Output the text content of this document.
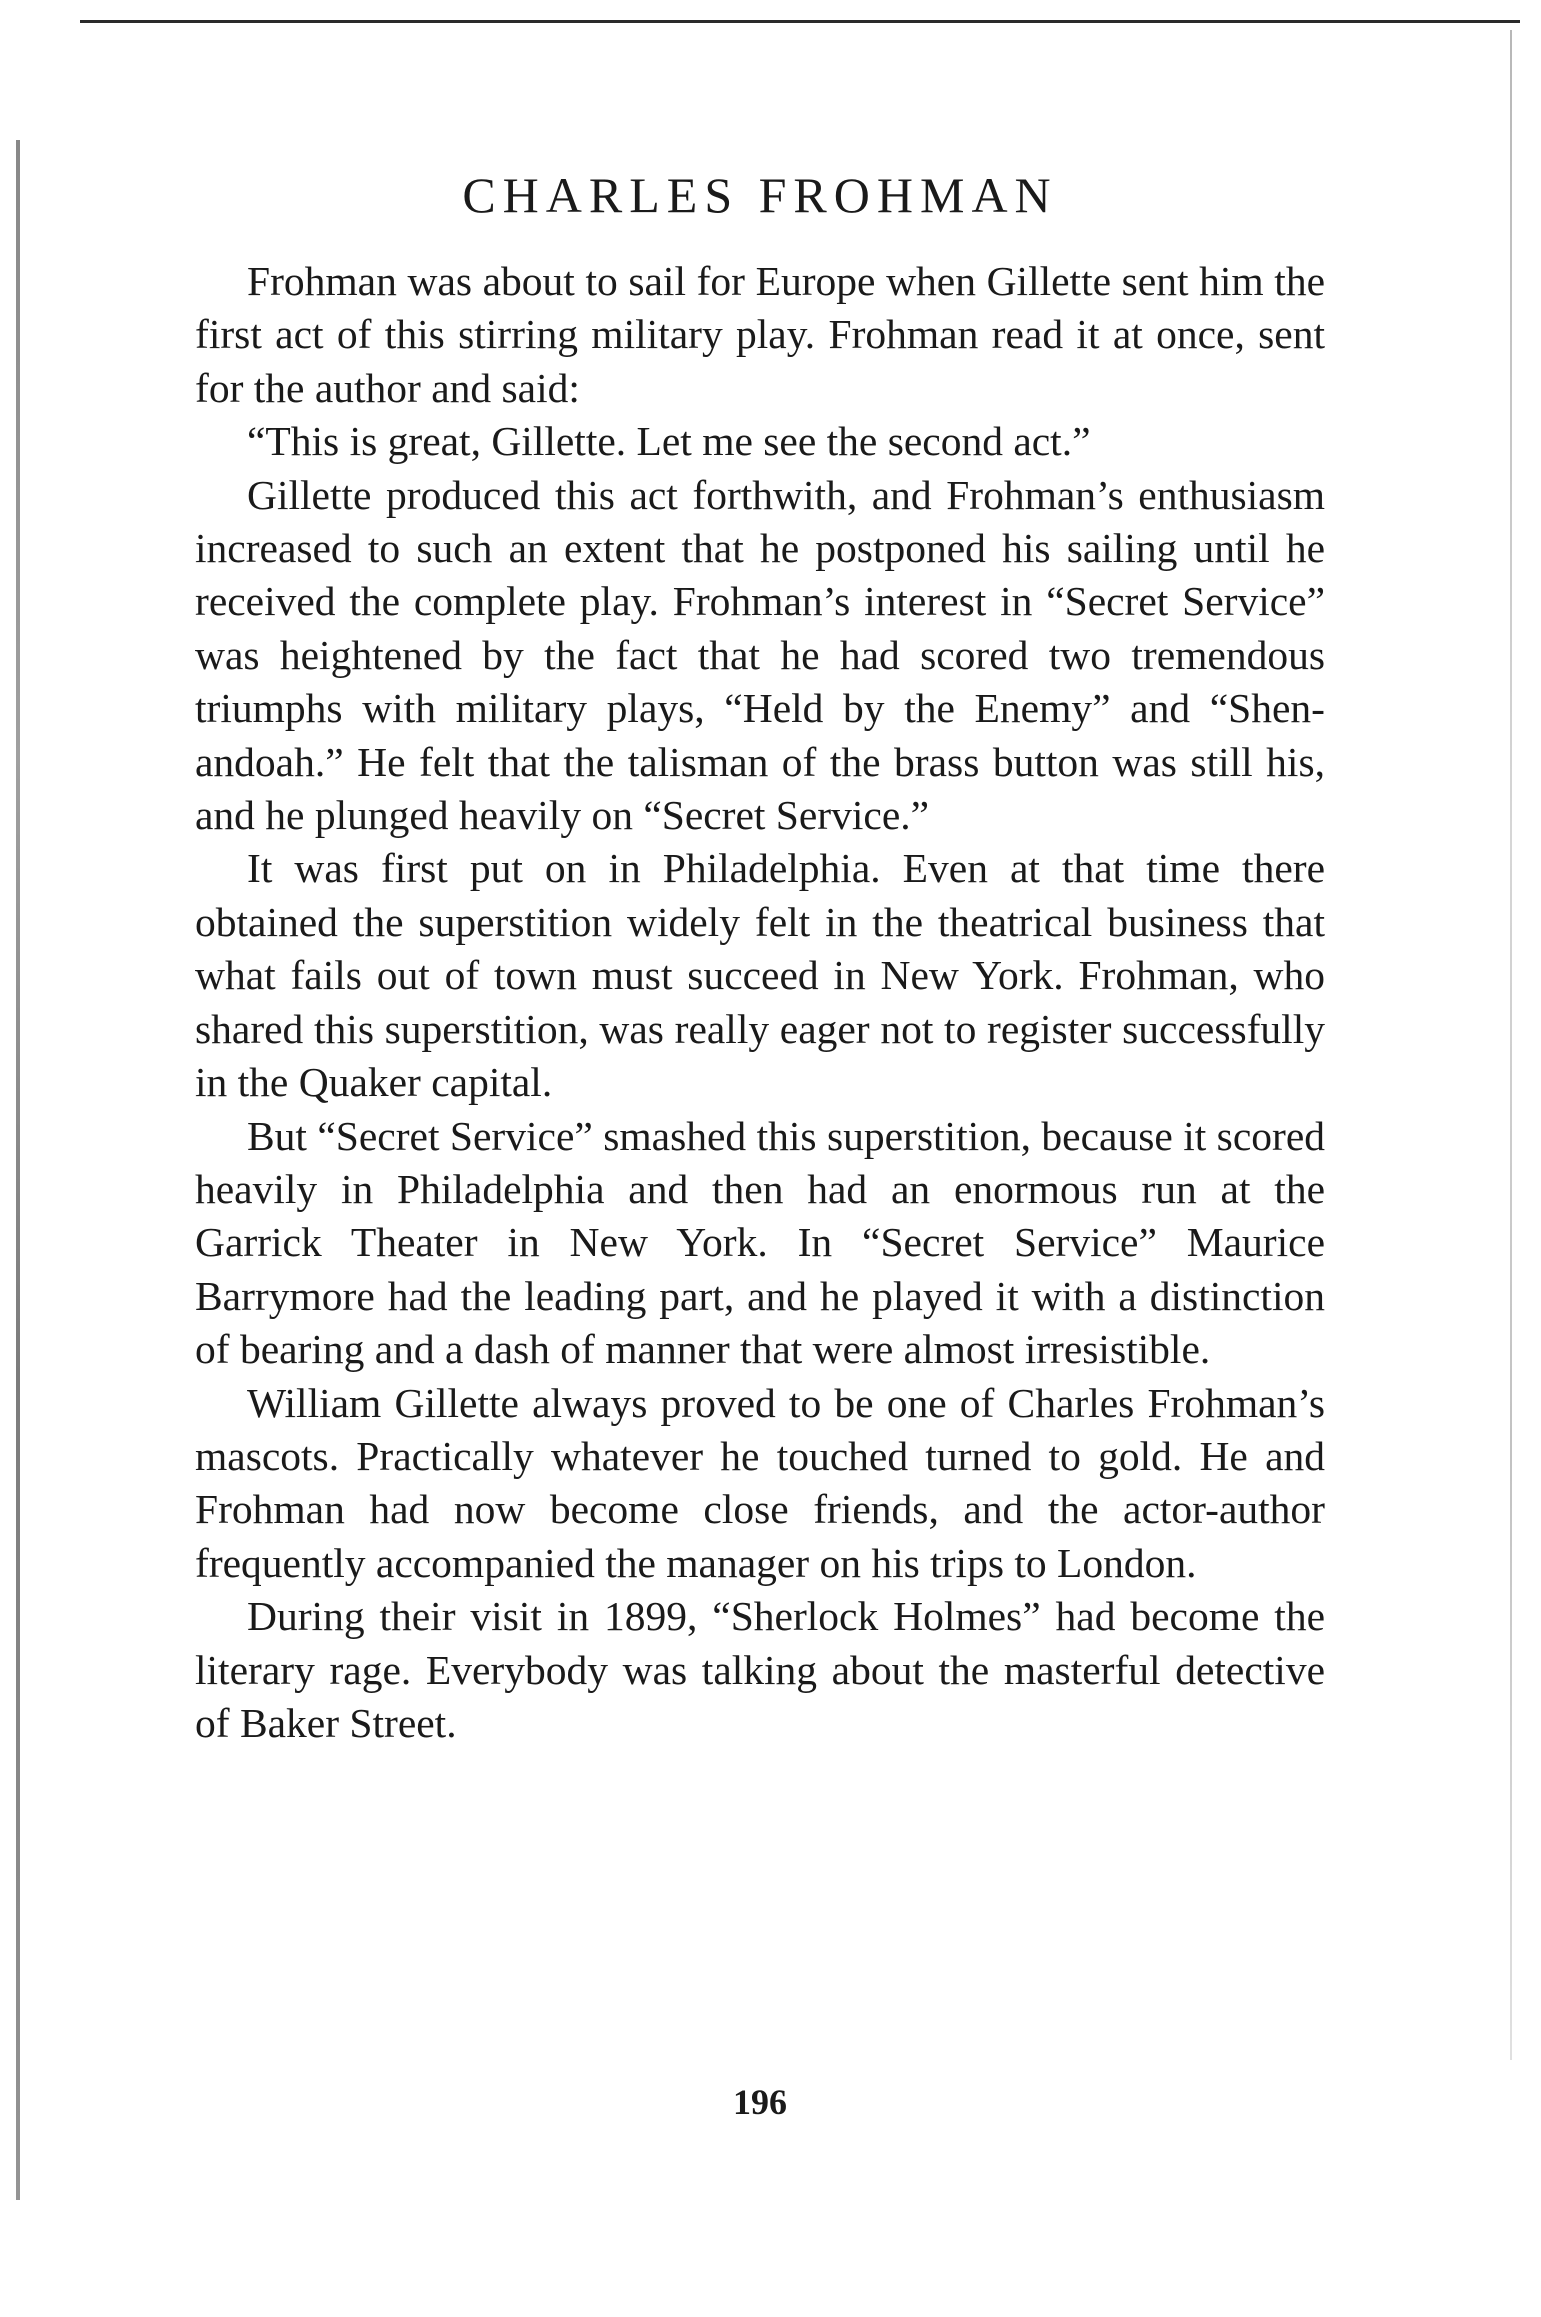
CHARLES FROHMAN

Frohman was about to sail for Europe when Gillette sent him the first act of this stirring military play. Frohman read it at once, sent for the author and said:

“This is great, Gillette. Let me see the second act.”

Gillette produced this act forthwith, and Frohman’s enthusiasm increased to such an extent that he postponed his sailing until he received the complete play. Frohman’s interest in “Secret Service” was heightened by the fact that he had scored two tremendous triumphs with military plays, “Held by the Enemy” and “Shenandoah.” He felt that the talisman of the brass button was still his, and he plunged heavily on “Secret Service.”

It was first put on in Philadelphia. Even at that time there obtained the superstition widely felt in the theatrical business that what fails out of town must succeed in New York. Frohman, who shared this superstition, was really eager not to register successfully in the Quaker capital.

But “Secret Service” smashed this superstition, because it scored heavily in Philadelphia and then had an enormous run at the Garrick Theater in New York. In “Secret Service” Maurice Barrymore had the leading part, and he played it with a distinction of bearing and a dash of manner that were almost irresistible.

William Gillette always proved to be one of Charles Frohman’s mascots. Practically whatever he touched turned to gold. He and Frohman had now become close friends, and the actor-author frequently accompanied the manager on his trips to London.

During their visit in 1899, “Sherlock Holmes” had become the literary rage. Everybody was talking about the masterful detective of Baker Street.

196
